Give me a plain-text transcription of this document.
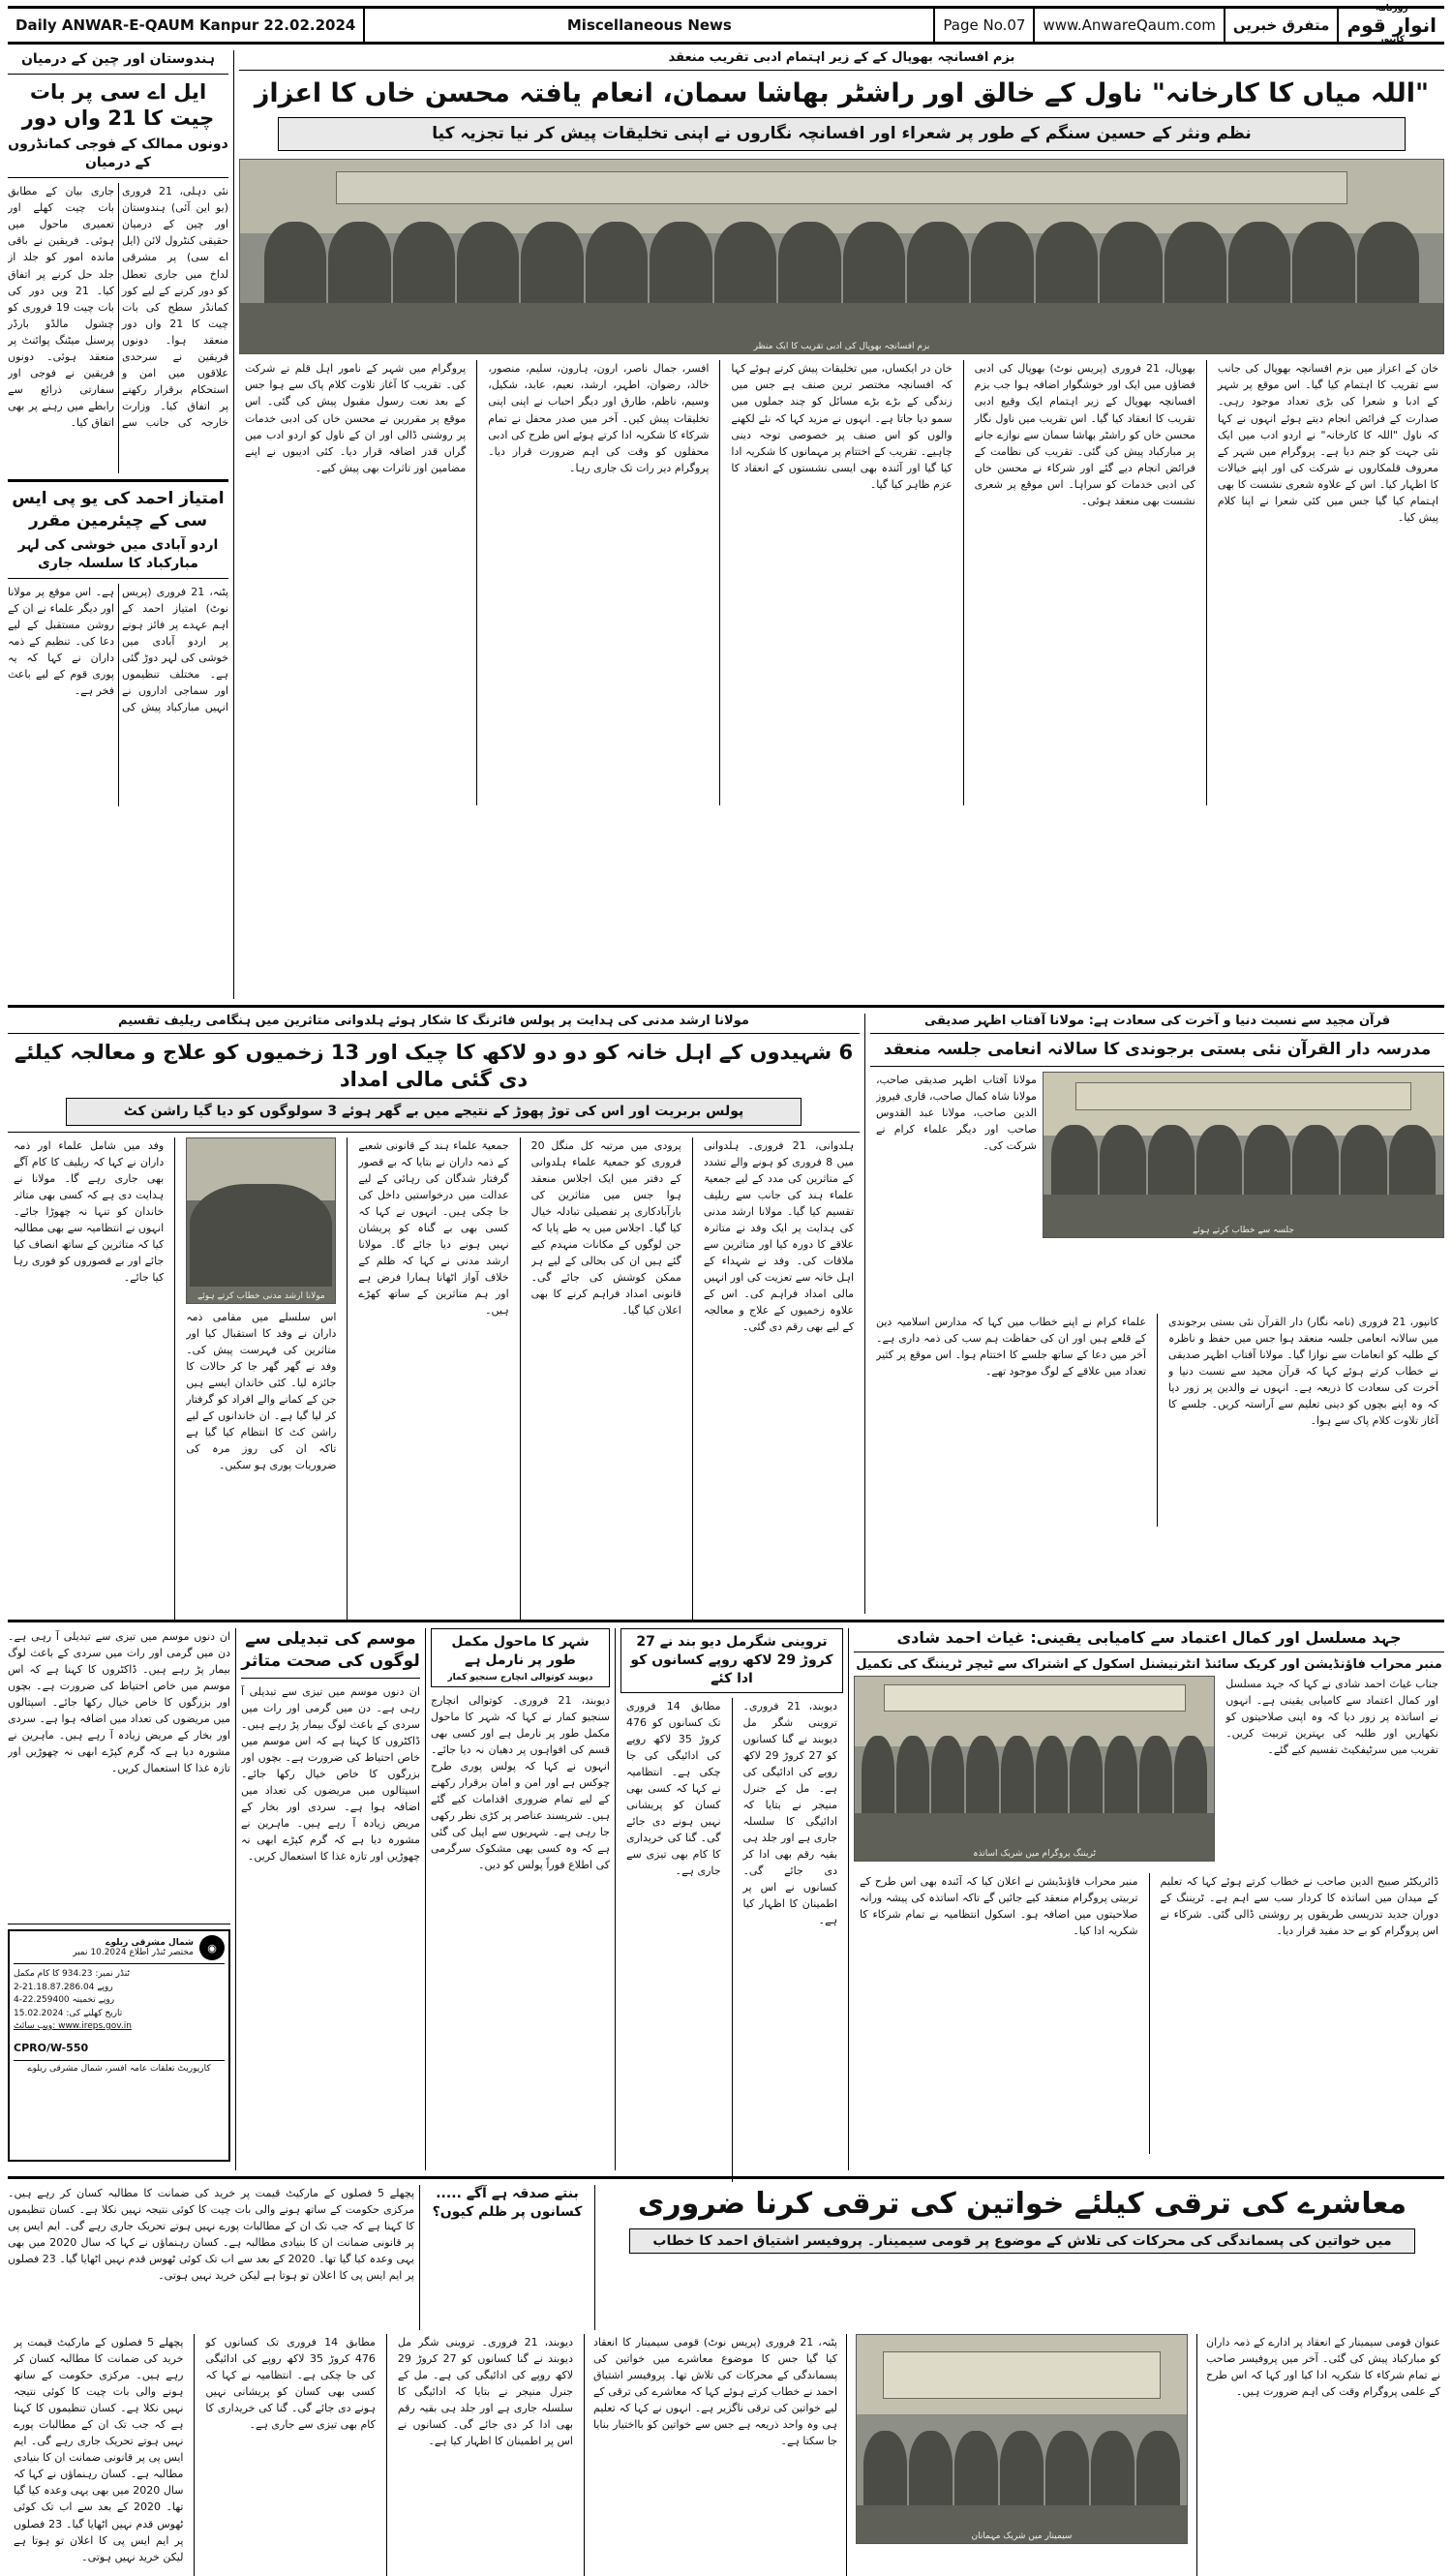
Daily ANWAR-E-QAUM Kanpur 22.02.2024	Miscellaneous News	Page No.07	www.AnwareQaum.com	متفرق خبریں
روزنامہ
انوار قوم
کانپور
ہندوستان اور چین کے درمیان
ایل اے سی پر بات چیت کا 21 واں دور
دونوں ممالک کے فوجی کمانڈروں کے درمیان
نئی دہلی، 21 فروری (یو این آئی) ہندوستان اور چین کے درمیان حقیقی کنٹرول لائن (ایل اے سی) پر مشرقی لداخ میں جاری تعطل کو دور کرنے کے لیے کور کمانڈر سطح کی بات چیت کا 21 واں دور منعقد ہوا۔ دونوں فریقین نے سرحدی علاقوں میں امن و استحکام برقرار رکھنے پر اتفاق کیا۔ وزارت خارجہ کی جانب سے جاری بیان کے مطابق بات چیت کھلے اور تعمیری ماحول میں ہوئی۔ فریقین نے باقی ماندہ امور کو جلد از جلد حل کرنے پر اتفاق کیا۔ 21 ویں دور کی بات چیت 19 فروری کو چشول مالڈو بارڈر پرسنل میٹنگ پوائنٹ پر منعقد ہوئی۔ دونوں فریقین نے فوجی اور سفارتی ذرائع سے رابطے میں رہنے پر بھی اتفاق کیا۔
امتیاز احمد کی یو پی ایس سی کے چیئرمین مقرر
اردو آبادی میں خوشی کی لہر مبارکباد کا سلسلہ جاری
پٹنہ، 21 فروری (پریس نوٹ) امتیاز احمد کے اہم عہدے پر فائز ہونے پر اردو آبادی میں خوشی کی لہر دوڑ گئی ہے۔ مختلف تنظیموں اور سماجی اداروں نے انہیں مبارکباد پیش کی ہے۔ اس موقع پر مولانا اور دیگر علماء نے ان کے روشن مستقبل کے لیے دعا کی۔ تنظیم کے ذمہ داران نے کہا کہ یہ پوری قوم کے لیے باعث فخر ہے۔
بزم افسانچہ بھوپال کے کے زیر اہتمام ادبی تقریب منعقد
"اللہ میاں کا کارخانہ" ناول کے خالق اور راشٹر بھاشا سمان، انعام یافتہ محسن خاں کا اعزاز
نظم ونثر کے حسین سنگم کے طور پر شعراء اور افسانچہ نگاروں نے اپنی تخلیقات پیش کر نیا تجزیہ کیا
بزم افسانچہ بھوپال کی ادبی تقریب کا ایک منظر
پروگرام میں شہر کے نامور اہل قلم نے شرکت کی۔ تقریب کا آغاز تلاوت کلام پاک سے ہوا جس کے بعد نعت رسول مقبول پیش کی گئی۔ اس موقع پر مقررین نے محسن خاں کی ادبی خدمات پر روشنی ڈالی اور ان کے ناول کو اردو ادب میں گراں قدر اضافہ قرار دیا۔ کئی ادیبوں نے اپنے مضامین اور تاثرات بھی پیش کیے۔
افسر، جمال ناصر، ارون، ہارون، سلیم، منصور، خالد، رضوان، اطہر، ارشد، نعیم، عابد، شکیل، وسیم، ناظم، طارق اور دیگر احباب نے اپنی اپنی تخلیقات پیش کیں۔ آخر میں صدر محفل نے تمام شرکاء کا شکریہ ادا کرتے ہوئے اس طرح کی ادبی محفلوں کو وقت کی اہم ضرورت قرار دیا۔ پروگرام دیر رات تک جاری رہا۔
خان در ایکساں، میں تخلیقات پیش کرتے ہوئے کہا کہ افسانچہ مختصر ترین صنف ہے جس میں زندگی کے بڑے بڑے مسائل کو چند جملوں میں سمو دیا جاتا ہے۔ انہوں نے مزید کہا کہ نئے لکھنے والوں کو اس صنف پر خصوصی توجہ دینی چاہیے۔ تقریب کے اختتام پر مہمانوں کا شکریہ ادا کیا گیا اور آئندہ بھی ایسی نشستوں کے انعقاد کا عزم ظاہر کیا گیا۔
بھوپال، 21 فروری (پریس نوٹ) بھوپال کی ادبی فضاؤں میں ایک اور خوشگوار اضافہ ہوا جب بزم افسانچہ بھوپال کے زیر اہتمام ایک وقیع ادبی تقریب کا انعقاد کیا گیا۔ اس تقریب میں ناول نگار محسن خاں کو راشٹر بھاشا سمان سے نوازے جانے پر مبارکباد پیش کی گئی۔ تقریب کی نظامت کے فرائض انجام دیے گئے اور شرکاء نے محسن خاں کی ادبی خدمات کو سراہا۔ اس موقع پر شعری نشست بھی منعقد ہوئی۔
خان کے اعزاز میں بزم افسانچہ بھوپال کی جانب سے تقریب کا اہتمام کیا گیا۔ اس موقع پر شہر کے ادبا و شعرا کی بڑی تعداد موجود رہی۔ صدارت کے فرائض انجام دیتے ہوئے انہوں نے کہا کہ ناول "اللہ کا کارخانہ" نے اردو ادب میں ایک نئی جہت کو جنم دیا ہے۔ پروگرام میں شہر کے معروف قلمکاروں نے شرکت کی اور اپنے خیالات کا اظہار کیا۔ اس کے علاوہ شعری نشست کا بھی اہتمام کیا گیا جس میں کئی شعرا نے اپنا کلام پیش کیا۔
مولانا ارشد مدنی کی ہدایت پر پولس فائرنگ کا شکار ہوئے ہلدوانی متاثرین میں ہنگامی ریلیف تقسیم
6 شہیدوں کے اہل خانہ کو دو دو لاکھ کا چیک اور 13 زخمیوں کو علاج و معالجہ کیلئے دی گئی مالی امداد
پولس بربریت اور اس کی توڑ پھوڑ کے نتیجے میں بے گھر ہوئے 3 سولوگوں کو دیا گیا راشن کٹ
وفد میں شامل علماء اور ذمہ داران نے کہا کہ ریلیف کا کام آگے بھی جاری رہے گا۔ مولانا نے ہدایت دی ہے کہ کسی بھی متاثر خاندان کو تنہا نہ چھوڑا جائے۔ انہوں نے انتظامیہ سے بھی مطالبہ کیا کہ متاثرین کے ساتھ انصاف کیا جائے اور بے قصوروں کو فوری رہا کیا جائے۔
مولانا ارشد مدنی خطاب کرتے ہوئے
اس سلسلے میں مقامی ذمہ داران نے وفد کا استقبال کیا اور متاثرین کی فہرست پیش کی۔ وفد نے گھر گھر جا کر حالات کا جائزہ لیا۔ کئی خاندان ایسے ہیں جن کے کمانے والے افراد کو گرفتار کر لیا گیا ہے۔ ان خاندانوں کے لیے راشن کٹ کا انتظام کیا گیا ہے تاکہ ان کی روز مرہ کی ضروریات پوری ہو سکیں۔
جمعیۃ علماء ہند کے قانونی شعبے کے ذمہ داران نے بتایا کہ بے قصور گرفتار شدگان کی رہائی کے لیے عدالت میں درخواستیں داخل کی جا چکی ہیں۔ انہوں نے کہا کہ کسی بھی بے گناہ کو پریشان نہیں ہونے دیا جائے گا۔ مولانا ارشد مدنی نے کہا کہ ظلم کے خلاف آواز اٹھانا ہمارا فرض ہے اور ہم متاثرین کے ساتھ کھڑے ہیں۔
پرودی میں مرتبہ کل منگل 20 فروری کو جمعیۃ علماء ہلدوانی کے دفتر میں ایک اجلاس منعقد ہوا جس میں متاثرین کی بازآبادکاری پر تفصیلی تبادلہ خیال کیا گیا۔ اجلاس میں یہ طے پایا کہ جن لوگوں کے مکانات منہدم کیے گئے ہیں ان کی بحالی کے لیے ہر ممکن کوشش کی جائے گی۔ قانونی امداد فراہم کرنے کا بھی اعلان کیا گیا۔
ہلدوانی، 21 فروری۔ ہلدوانی میں 8 فروری کو ہونے والے تشدد کے متاثرین کی مدد کے لیے جمعیۃ علماء ہند کی جانب سے ریلیف تقسیم کیا گیا۔ مولانا ارشد مدنی کی ہدایت پر ایک وفد نے متاثرہ علاقے کا دورہ کیا اور متاثرین سے ملاقات کی۔ وفد نے شہداء کے اہل خانہ سے تعزیت کی اور انہیں مالی امداد فراہم کی۔ اس کے علاوہ زخمیوں کے علاج و معالجہ کے لیے بھی رقم دی گئی۔
قرآن مجید سے نسبت دنیا و آخرت کی سعادت ہے: مولانا آفتاب اظہر صدیقی
مدرسہ دار القرآن نئی بستی برجوندی کا سالانہ انعامی جلسہ منعقد
مولانا آفتاب اظہر صدیقی صاحب، مولانا شاہ کمال صاحب، قاری فیروز الدین صاحب، مولانا عبد القدوس صاحب اور دیگر علماء کرام نے شرکت کی۔
جلسہ سے خطاب کرتے ہوئے
علماء کرام نے اپنے خطاب میں کہا کہ مدارس اسلامیہ دین کے قلعے ہیں اور ان کی حفاظت ہم سب کی ذمہ داری ہے۔ آخر میں دعا کے ساتھ جلسے کا اختتام ہوا۔ اس موقع پر کثیر تعداد میں علاقے کے لوگ موجود تھے۔
کانپور، 21 فروری (نامہ نگار) دار القرآن نئی بستی برجوندی میں سالانہ انعامی جلسہ منعقد ہوا جس میں حفظ و ناظرہ کے طلبہ کو انعامات سے نوازا گیا۔ مولانا آفتاب اظہر صدیقی نے خطاب کرتے ہوئے کہا کہ قرآن مجید سے نسبت دنیا و آخرت کی سعادت کا ذریعہ ہے۔ انہوں نے والدین پر زور دیا کہ وہ اپنے بچوں کو دینی تعلیم سے آراستہ کریں۔ جلسے کا آغاز تلاوت کلام پاک سے ہوا۔
ان دنوں موسم میں تیزی سے تبدیلی آ رہی ہے۔ دن میں گرمی اور رات میں سردی کے باعث لوگ بیمار پڑ رہے ہیں۔ ڈاکٹروں کا کہنا ہے کہ اس موسم میں خاص احتیاط کی ضرورت ہے۔ بچوں اور بزرگوں کا خاص خیال رکھا جائے۔ اسپتالوں میں مریضوں کی تعداد میں اضافہ ہوا ہے۔ سردی اور بخار کے مریض زیادہ آ رہے ہیں۔ ماہرین نے مشورہ دیا ہے کہ گرم کپڑے ابھی نہ چھوڑیں اور تازہ غذا کا استعمال کریں۔
◉
شمال مشرقی ریلوے
مختصر ٹنڈر اطلاع 10.2024 نمبر
ٹنڈر نمبر: 934.23 کا کام مکمل
2-21.18.87.286.04 روپے
4-22.259400 روپے تخمینہ
تاریخ کھلنے کی: 15.02.2024
ویب سائٹ: www.ireps.gov.in
CPRO/W-550
کارپوریٹ تعلقات عامہ افسر، شمال مشرقی ریلوے
موسم کی تبدیلی سے لوگوں کی صحت متاثر
ان دنوں موسم میں تیزی سے تبدیلی آ رہی ہے۔ دن میں گرمی اور رات میں سردی کے باعث لوگ بیمار پڑ رہے ہیں۔ ڈاکٹروں کا کہنا ہے کہ اس موسم میں خاص احتیاط کی ضرورت ہے۔ بچوں اور بزرگوں کا خاص خیال رکھا جائے۔ اسپتالوں میں مریضوں کی تعداد میں اضافہ ہوا ہے۔ سردی اور بخار کے مریض زیادہ آ رہے ہیں۔ ماہرین نے مشورہ دیا ہے کہ گرم کپڑے ابھی نہ چھوڑیں اور تازہ غذا کا استعمال کریں۔
شہر کا ماحول مکمل طور پر نارمل ہے
دیوبند کوتوالی انچارج سنجیو کمار
دیوبند، 21 فروری۔ کوتوالی انچارج سنجیو کمار نے کہا کہ شہر کا ماحول مکمل طور پر نارمل ہے اور کسی بھی قسم کی افواہوں پر دھیان نہ دیا جائے۔ انہوں نے کہا کہ پولس پوری طرح چوکس ہے اور امن و امان برقرار رکھنے کے لیے تمام ضروری اقدامات کیے گئے ہیں۔ شرپسند عناصر پر کڑی نظر رکھی جا رہی ہے۔ شہریوں سے اپیل کی گئی ہے کہ وہ کسی بھی مشکوک سرگرمی کی اطلاع فوراً پولس کو دیں۔
تروینی شگرمل دیو بند نے 27 کروڑ 29 لاکھ روپے کسانوں کو ادا کئے
مطابق 14 فروری تک کسانوں کو 476 کروڑ 35 لاکھ روپے کی ادائیگی کی جا چکی ہے۔ انتظامیہ نے کہا کہ کسی بھی کسان کو پریشانی نہیں ہونے دی جائے گی۔ گنا کی خریداری کا کام بھی تیزی سے جاری ہے۔
دیوبند، 21 فروری۔ تروینی شگر مل دیوبند نے گنا کسانوں کو 27 کروڑ 29 لاکھ روپے کی ادائیگی کی ہے۔ مل کے جنرل منیجر نے بتایا کہ ادائیگی کا سلسلہ جاری ہے اور جلد ہی بقیہ رقم بھی ادا کر دی جائے گی۔ کسانوں نے اس پر اطمینان کا اظہار کیا ہے۔
جہد مسلسل اور کمال اعتماد سے کامیابی یقینی: غیاث احمد شادی
منبر محراب فاؤنڈیشن اور کریک سائنڈ انٹرنیشنل اسکول کے اشتراک سے ٹیچر ٹریننگ کی تکمیل
ٹریننگ پروگرام میں شریک اساتذہ
جناب غیاث احمد شادی نے کہا کہ جہد مسلسل اور کمال اعتماد سے کامیابی یقینی ہے۔ انہوں نے اساتذہ پر زور دیا کہ وہ اپنی صلاحیتوں کو نکھاریں اور طلبہ کی بہترین تربیت کریں۔ تقریب میں سرٹیفکیٹ تقسیم کیے گئے۔
منبر محراب فاؤنڈیشن نے اعلان کیا کہ آئندہ بھی اس طرح کے تربیتی پروگرام منعقد کیے جائیں گے تاکہ اساتذہ کی پیشہ ورانہ صلاحیتوں میں اضافہ ہو۔ اسکول انتظامیہ نے تمام شرکاء کا شکریہ ادا کیا۔
ڈائریکٹر صبیح الدین صاحب نے خطاب کرتے ہوئے کہا کہ تعلیم کے میدان میں اساتذہ کا کردار سب سے اہم ہے۔ ٹریننگ کے دوران جدید تدریسی طریقوں پر روشنی ڈالی گئی۔ شرکاء نے اس پروگرام کو بے حد مفید قرار دیا۔
پچھلے 5 فصلوں کے مارکیٹ قیمت پر خرید کی ضمانت کا مطالبہ کسان کر رہے ہیں۔ مرکزی حکومت کے ساتھ ہونے والی بات چیت کا کوئی نتیجہ نہیں نکلا ہے۔ کسان تنظیموں کا کہنا ہے کہ جب تک ان کے مطالبات پورے نہیں ہوتے تحریک جاری رہے گی۔ ایم ایس پی پر قانونی ضمانت ان کا بنیادی مطالبہ ہے۔ کسان رہنماؤں نے کہا کہ سال 2020 میں بھی یہی وعدہ کیا گیا تھا۔ 2020 کے بعد سے اب تک کوئی ٹھوس قدم نہیں اٹھایا گیا۔ 23 فصلوں پر ایم ایس پی کا اعلان تو ہوتا ہے لیکن خرید نہیں ہوتی۔
بنتے صدقہ ہے آگے ..... کسانوں پر ظلم کیوں؟	معاشرے کی ترقی کیلئے خواتین کی ترقی کرنا ضروری
میں خواتین کی پسماندگی کی محرکات کی تلاش کے موضوع پر قومی سیمینار۔ پروفیسر اشتیاق احمد کا خطاب
پچھلے 5 فصلوں کے مارکیٹ قیمت پر خرید کی ضمانت کا مطالبہ کسان کر رہے ہیں۔ مرکزی حکومت کے ساتھ ہونے والی بات چیت کا کوئی نتیجہ نہیں نکلا ہے۔ کسان تنظیموں کا کہنا ہے کہ جب تک ان کے مطالبات پورے نہیں ہوتے تحریک جاری رہے گی۔ ایم ایس پی پر قانونی ضمانت ان کا بنیادی مطالبہ ہے۔ کسان رہنماؤں نے کہا کہ سال 2020 میں بھی یہی وعدہ کیا گیا تھا۔ 2020 کے بعد سے اب تک کوئی ٹھوس قدم نہیں اٹھایا گیا۔ 23 فصلوں پر ایم ایس پی کا اعلان تو ہوتا ہے لیکن خرید نہیں ہوتی۔
مطابق 14 فروری تک کسانوں کو 476 کروڑ 35 لاکھ روپے کی ادائیگی کی جا چکی ہے۔ انتظامیہ نے کہا کہ کسی بھی کسان کو پریشانی نہیں ہونے دی جائے گی۔ گنا کی خریداری کا کام بھی تیزی سے جاری ہے۔
دیوبند، 21 فروری۔ تروینی شگر مل دیوبند نے گنا کسانوں کو 27 کروڑ 29 لاکھ روپے کی ادائیگی کی ہے۔ مل کے جنرل منیجر نے بتایا کہ ادائیگی کا سلسلہ جاری ہے اور جلد ہی بقیہ رقم بھی ادا کر دی جائے گی۔ کسانوں نے اس پر اطمینان کا اظہار کیا ہے۔
پٹنہ، 21 فروری (پریس نوٹ) قومی سیمینار کا انعقاد کیا گیا جس کا موضوع معاشرے میں خواتین کی پسماندگی کے محرکات کی تلاش تھا۔ پروفیسر اشتیاق احمد نے خطاب کرتے ہوئے کہا کہ معاشرے کی ترقی کے لیے خواتین کی ترقی ناگزیر ہے۔ انہوں نے کہا کہ تعلیم ہی وہ واحد ذریعہ ہے جس سے خواتین کو بااختیار بنایا جا سکتا ہے۔
سیمینار میں شریک مہمانان
عنوان قومی سیمینار کے انعقاد پر ادارے کے ذمہ داران کو مبارکباد پیش کی گئی۔ آخر میں پروفیسر صاحب نے تمام شرکاء کا شکریہ ادا کیا اور کہا کہ اس طرح کے علمی پروگرام وقت کی اہم ضرورت ہیں۔
